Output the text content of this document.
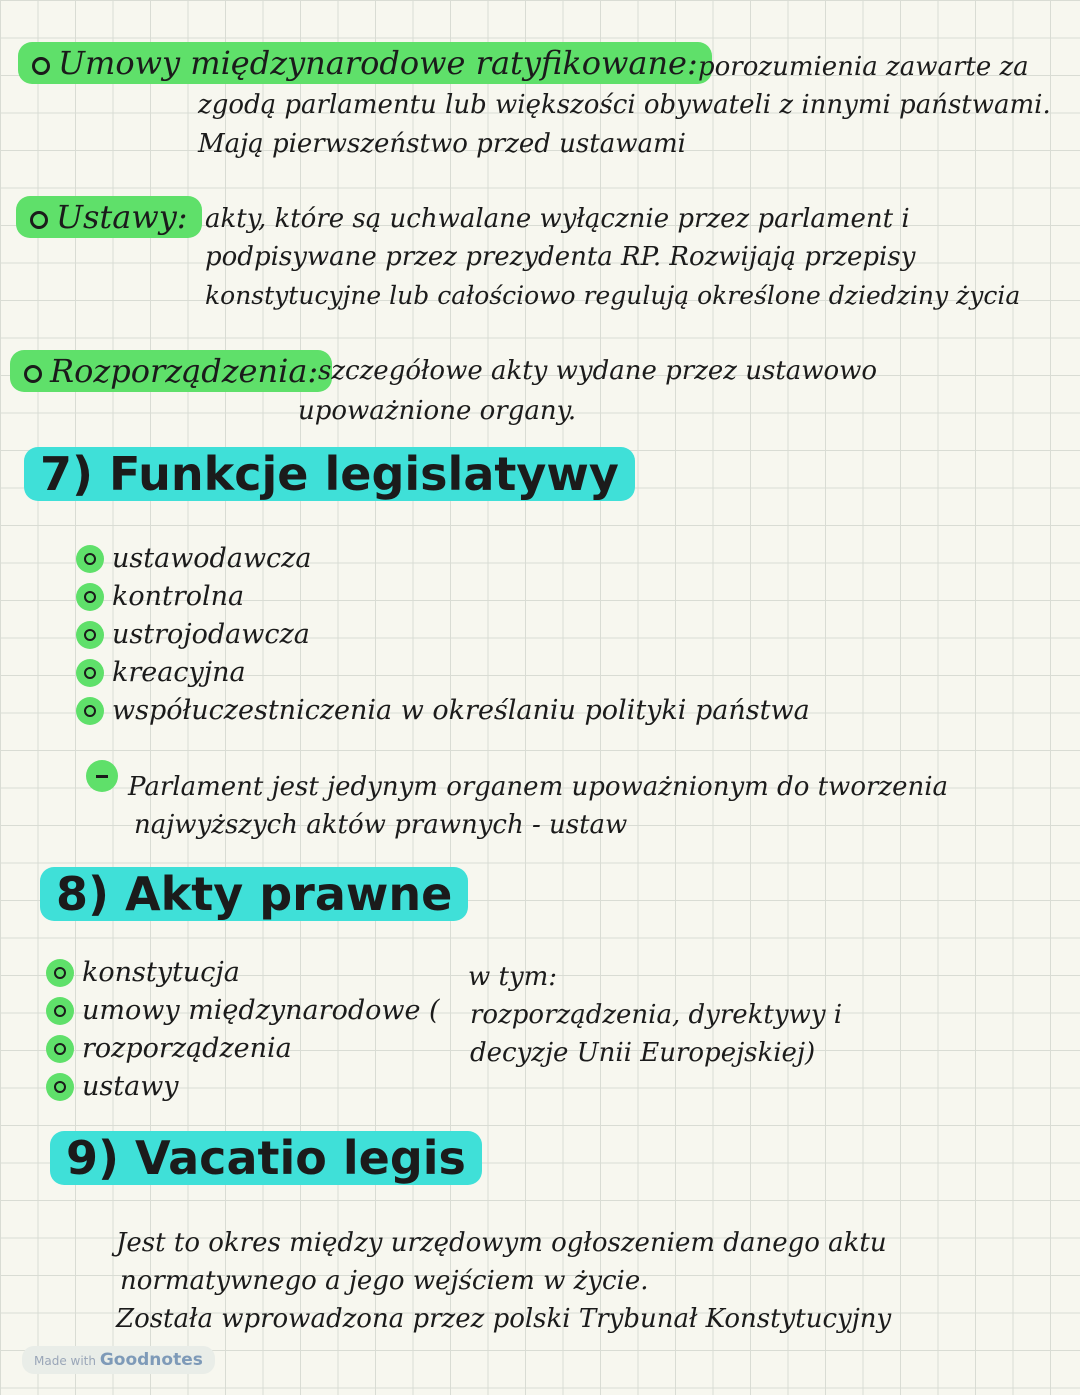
Umowy międzynarodowe ratyfikowane: porozumienia zawarte za
zgodą parlamentu lub większości obywateli z innymi państwami.
Mają pierwszeństwo przed ustawami
Ustawy: akty, które są uchwalane wyłącznie przez parlament i
podpisywane przez prezydenta RP. Rozwijają przepisy
konstytucyjne lub całościowo regulują określone dziedziny życia
Rozporządzenia: szczegółowe akty wydane przez ustawowo
upoważnione organy.
7) Funkcje legislatywy
ustawodawcza
kontrolna
ustrojodawcza
kreacyjna
współuczestniczenia w określaniu polityki państwa
Parlament jest jedynym organem upoważnionym do tworzenia
najwyższych aktów prawnych - ustaw
8) Akty prawne
konstytucja
umowy międzynarodowe (
rozporządzenia
ustawy
w tym:
rozporządzenia, dyrektywy i
decyzje Unii Europejskiej)
9) Vacatio legis
Jest to okres między urzędowym ogłoszeniem danego aktu
normatywnego a jego wejściem w życie.
Została wprowadzona przez polski Trybunał Konstytucyjny
Made with Goodnotes
